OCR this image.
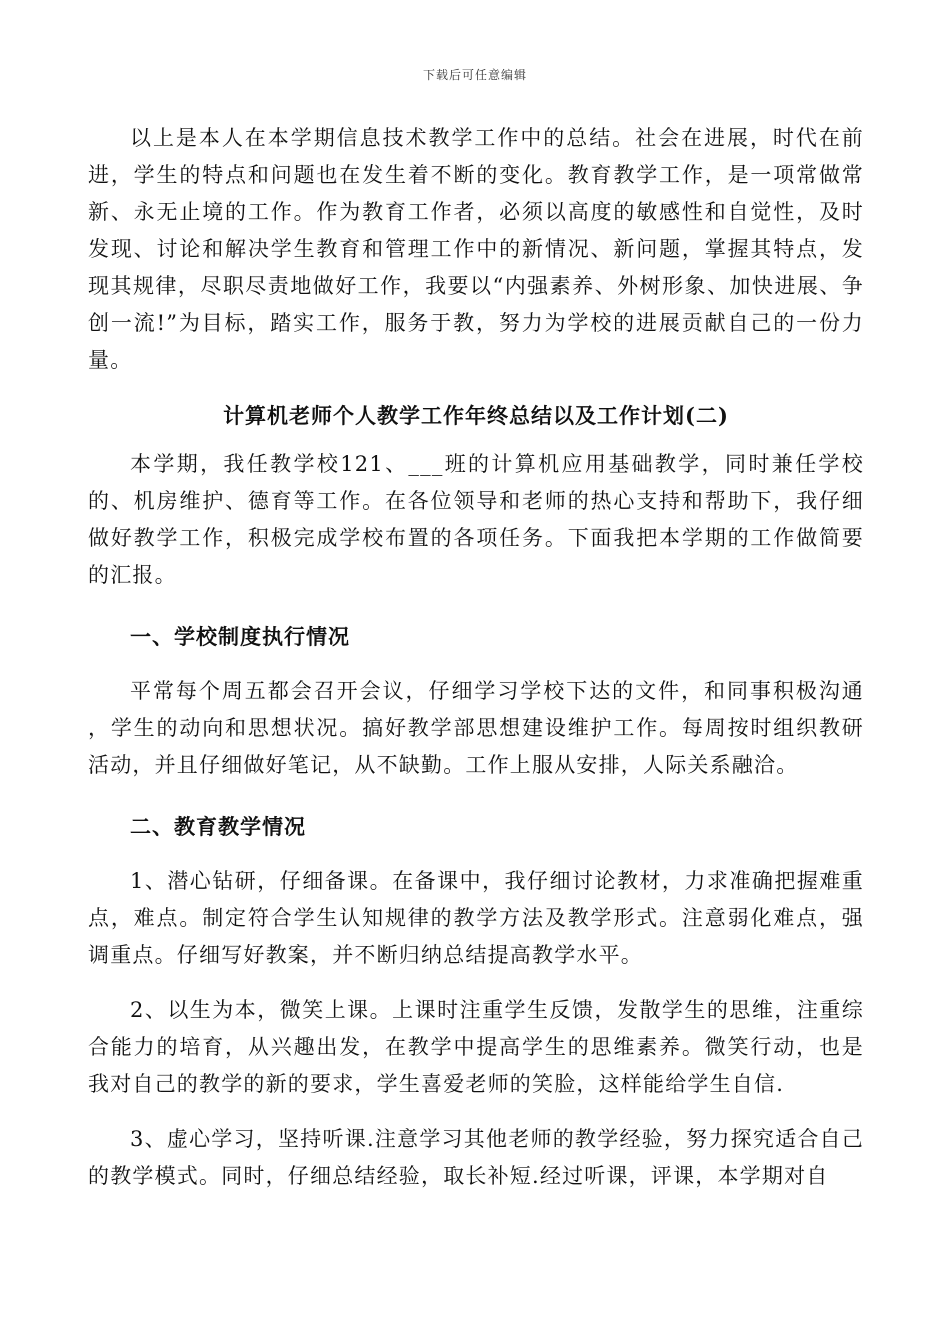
下载后可任意编辑

以上是本人在本学期信息技术教学工作中的总结。社会在进展，时代在前进，学生的特点和问题也在发生着不断的变化。教育教学工作，是一项常做常新、永无止境的工作。作为教育工作者，必须以高度的敏感性和自觉性，及时发现、讨论和解决学生教育和管理工作中的新情况、新问题，掌握其特点，发现其规律，尽职尽责地做好工作，我要以“内强素养、外树形象、加快进展、争创一流!”为目标，踏实工作，服务于教，努力为学校的进展贡献自己的一份力量。

计算机老师个人教学工作年终总结以及工作计划(二)

本学期，我任教学校121、___班的计算机应用基础教学，同时兼任学校的、机房维护、德育等工作。在各位领导和老师的热心支持和帮助下，我仔细做好教学工作，积极完成学校布置的各项任务。下面我把本学期的工作做简要的汇报。

一、学校制度执行情况

平常每个周五都会召开会议，仔细学习学校下达的文件，和同事积极沟通 ，学生的动向和思想状况。搞好教学部思想建设维护工作。每周按时组织教研活动，并且仔细做好笔记，从不缺勤。工作上服从安排，人际关系融洽。

二、教育教学情况

1、潜心钻研，仔细备课。在备课中，我仔细讨论教材，力求准确把握难重点，难点。制定符合学生认知规律的教学方法及教学形式。注意弱化难点，强调重点。仔细写好教案，并不断归纳总结提高教学水平。

2、以生为本，微笑上课。上课时注重学生反馈，发散学生的思维，注重综合能力的培育，从兴趣出发，在教学中提高学生的思维素养。微笑行动，也是我对自己的教学的新的要求，学生喜爱老师的笑脸，这样能给学生自信.

3、虚心学习，坚持听课.注意学习其他老师的教学经验，努力探究适合自己的教学模式。同时，仔细总结经验，取长补短.经过听课，评课，本学期对自
